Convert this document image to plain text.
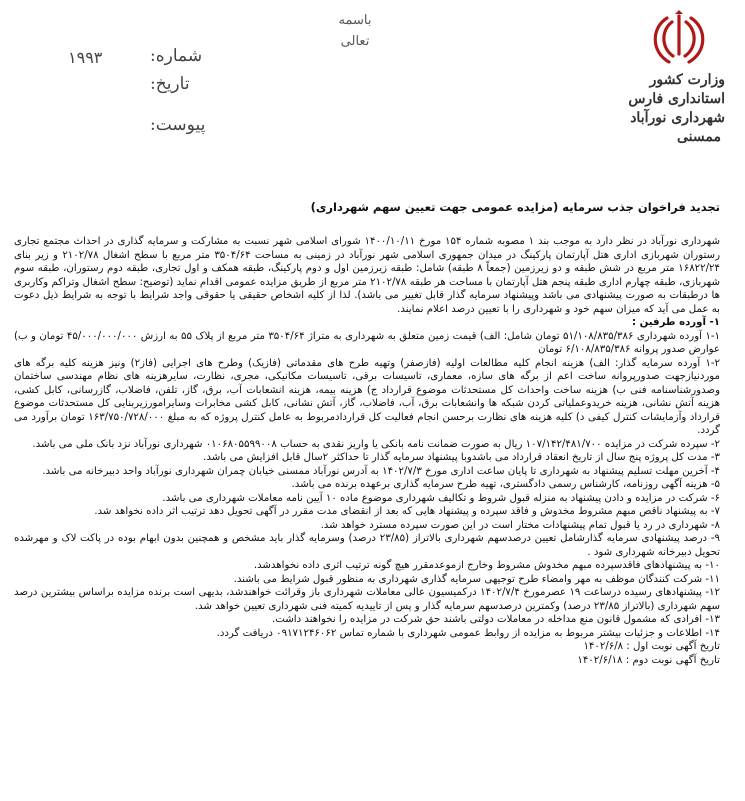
وزارت کشور
استانداری فارس
شهرداری نورآباد
ممسنی
باسمه
تعالی
شماره:
۱۹۹۳
تاریخ:
پیوست:
تجدید فراخوان جذب سرمایه (مزایده عمومی جهت تعیین سهم شهرداری)

شهرداری نورآباد در نظر دارد به موجب بند ۱ مصوبه شماره ۱۵۴ مورخ ۱۴۰۰/۱۰/۱۱ شورای اسلامی شهر نسبت به مشارکت و سرمایه گذاری در احداث مجتمع تجاری رستوران شهربازی اداری هتل آپارتمان پارکینگ در میدان جمهوری اسلامی شهر نورآباد در زمینی به مساحت ۳۵۰۴/۶۴ متر مربع با سطح اشغال ۲۱۰۲/۷۸ و زیر بنای ۱۶۸۲۲/۲۴ متر مربع در شش طبقه و دو زیرزمین (جمعاً ۸ طبقه) شامل: طبقه زیرزمین اول و دوم پارکینگ، طبقه همکف و اول تجاری، طبقه دوم رستوران، طبقه سوم شهربازی، طبقه چهارم اداری طبقه پنجم هتل آپارتمان با مساحت هر طبقه ۲۱۰۲/۷۸ متر مربع از طریق مزایده عمومی اقدام نماید (توضیح: سطح اشغال وتراکم وکاربری ها درطبقات به صورت پیشنهادی می باشد وپیشنهاد سرمایه گذار قابل تغییر می باشد). لذا از کلیه اشخاص حقیقی یا حقوقی واجد شرایط با توجه به شرایط ذیل دعوت به عمل می آید که میزان سهم خود و شهرداری را با تعیین درصد اعلام نمایند.

۱- آورده طرفین :

۱-۱ آورده شهرداری ۵۱/۱۰۸/۸۳۵/۳۸۶ تومان شامل: الف) قیمت زمین متعلق به شهرداری به متراژ ۳۵۰۴/۶۴ متر مربع از پلاک ۵۵ به ارزش ۴۵/۰۰۰/۰۰۰/۰۰۰ تومان و ب) عوارض صدور پروانه ۶/۱۰۸/۸۳۵/۳۸۶ تومان

۱-۲ آورده سرمایه گذار: الف) هزینه انجام کلیه مطالعات اولیه (فازصفر) وتهیه طرح های مقدماتی (فازیک) وطرح های اجرایی (فاز۲) ونیز هزینه کلیه برگه های موردنیازجهت صدورپروانه ساخت اعم از برگه های سازه، معماری، تاسیسات برقی، تاسیسات مکانیکی، مجری، نظارت، سایرهزینه های نظام مهندسی ساختمان وصدورشناسنامه فنی ب) هزینه ساخت واحداث کل مستحدثات موضوع قرارداد ج) هزینه بیمه، هزینه انشعابات آب، برق، گاز، تلفن، فاضلاب، گازرسانی، کابل کشی، هزینه آتش نشانی، هزینه خریدوعملیاتی کردن شبکه ها وانشعابات برق، آب، فاضلاب، گاز، آتش نشانی، کابل کشی مخابرات وسایرامورزیربنایی کل مستحدثات موضوع قرارداد وآزمایشات کنترل کیفی د) کلیه هزینه های نظارت برحسن انجام فعالیت کل قراردادمربوط به عامل کنترل پروژه که به مبلغ ۱۶۳/۷۵۰/۷۲۸/۰۰۰ تومان برآورد می گردد.

۲- سپرده شرکت در مزایده ۱۰۷/۱۴۲/۴۸۱/۷۰۰ ریال به صورت ضمانت نامه بانکی یا واریز نقدی به حساب ۰۱۰۶۸۰۵۵۹۹۰۰۸ شهرداری نورآباد نزد بانک ملی می باشد.

۳- مدت کل پروژه پنج سال از تاریخ انعقاد قرارداد می باشدوبا پیشنهاد سرمایه گذار تا حداکثر ۲سال قابل افزایش می باشد.

۴- آخرین مهلت تسلیم پیشنهاد به شهرداری تا پایان ساعت اداری مورخ ۱۴۰۲/۷/۳ به آدرس نورآباد ممسنی خیابان چمران شهرداری نورآباد واحد دبیرخانه می باشد.

۵- هزینه آگهی روزنامه، کارشناس رسمی دادگستری، تهیه طرح سرمایه گذاری برعهده برنده می باشد.

۶- شرکت در مزایده و دادن پیشنهاد به منزله قبول شروط و تکالیف شهرداری موضوع ماده ۱۰ آیین نامه معاملات شهرداری می باشد.

۷- به پیشنهاد ناقص مبهم مشروط مخدوش و فاقد سپرده و پیشنهاد هایی که بعد از انقضای مدت مقرر در آگهی تحویل دهد ترتیب اثر داده نخواهد شد.

۸- شهرداری در رد یا قبول تمام پیشنهادات مختار است در این صورت سپرده مسترد خواهد شد.

۹- درصد پیشنهادی سرمایه گذارشامل تعیین درصدسهم شهرداری بالاتراز (۲۳/۸۵ درصد) وسرمایه گذار باید مشخص و همچنین بدون ابهام بوده در پاکت لاک و مهرشده تحویل دبیرخانه شهرداری شود .

۱۰- به پیشنهادهای فاقدسپرده مبهم مخدوش مشروط وخارج ازموعدمقرر هیچ گونه ترتیب اثری داده نخواهدشد.

۱۱- شرکت کنندگان موظف به مهر وامضاء طرح توجیهی سرمایه گذاری شهرداری به منظور قبول شرایط می باشند.

۱۲- پیشنهادهای رسیده درساعت ۱۹ عصرمورخ ۱۴۰۲/۷/۴ درکمیسیون عالی معاملات شهرداری باز وقرائت خواهندشد، بدیهی است برنده مزایده براساس بیشترین درصد سهم شهرداری (بالاتراز ۲۳/۸۵ درصد) وکمترین درصدسهم سرمایه گذار و پس از تاییدیه کمیته فنی شهرداری تعیین خواهد شد.

۱۳- افرادی که مشمول قانون منع مداخله در معاملات دولتی باشند حق شرکت در مزایده را نخواهند داشت.

۱۴- اطلاعات و جزئیات بیشتر مربوط به مزایده از روابط عمومی شهرداری با شماره تماس ۰۹۱۷۱۲۴۶۰۶۲ دریافت گردد.

تاریخ آگهی نوبت اول : ۱۴۰۲/۶/۸

تاریخ آگهی نوبت دوم : ۱۴۰۲/۶/۱۸
